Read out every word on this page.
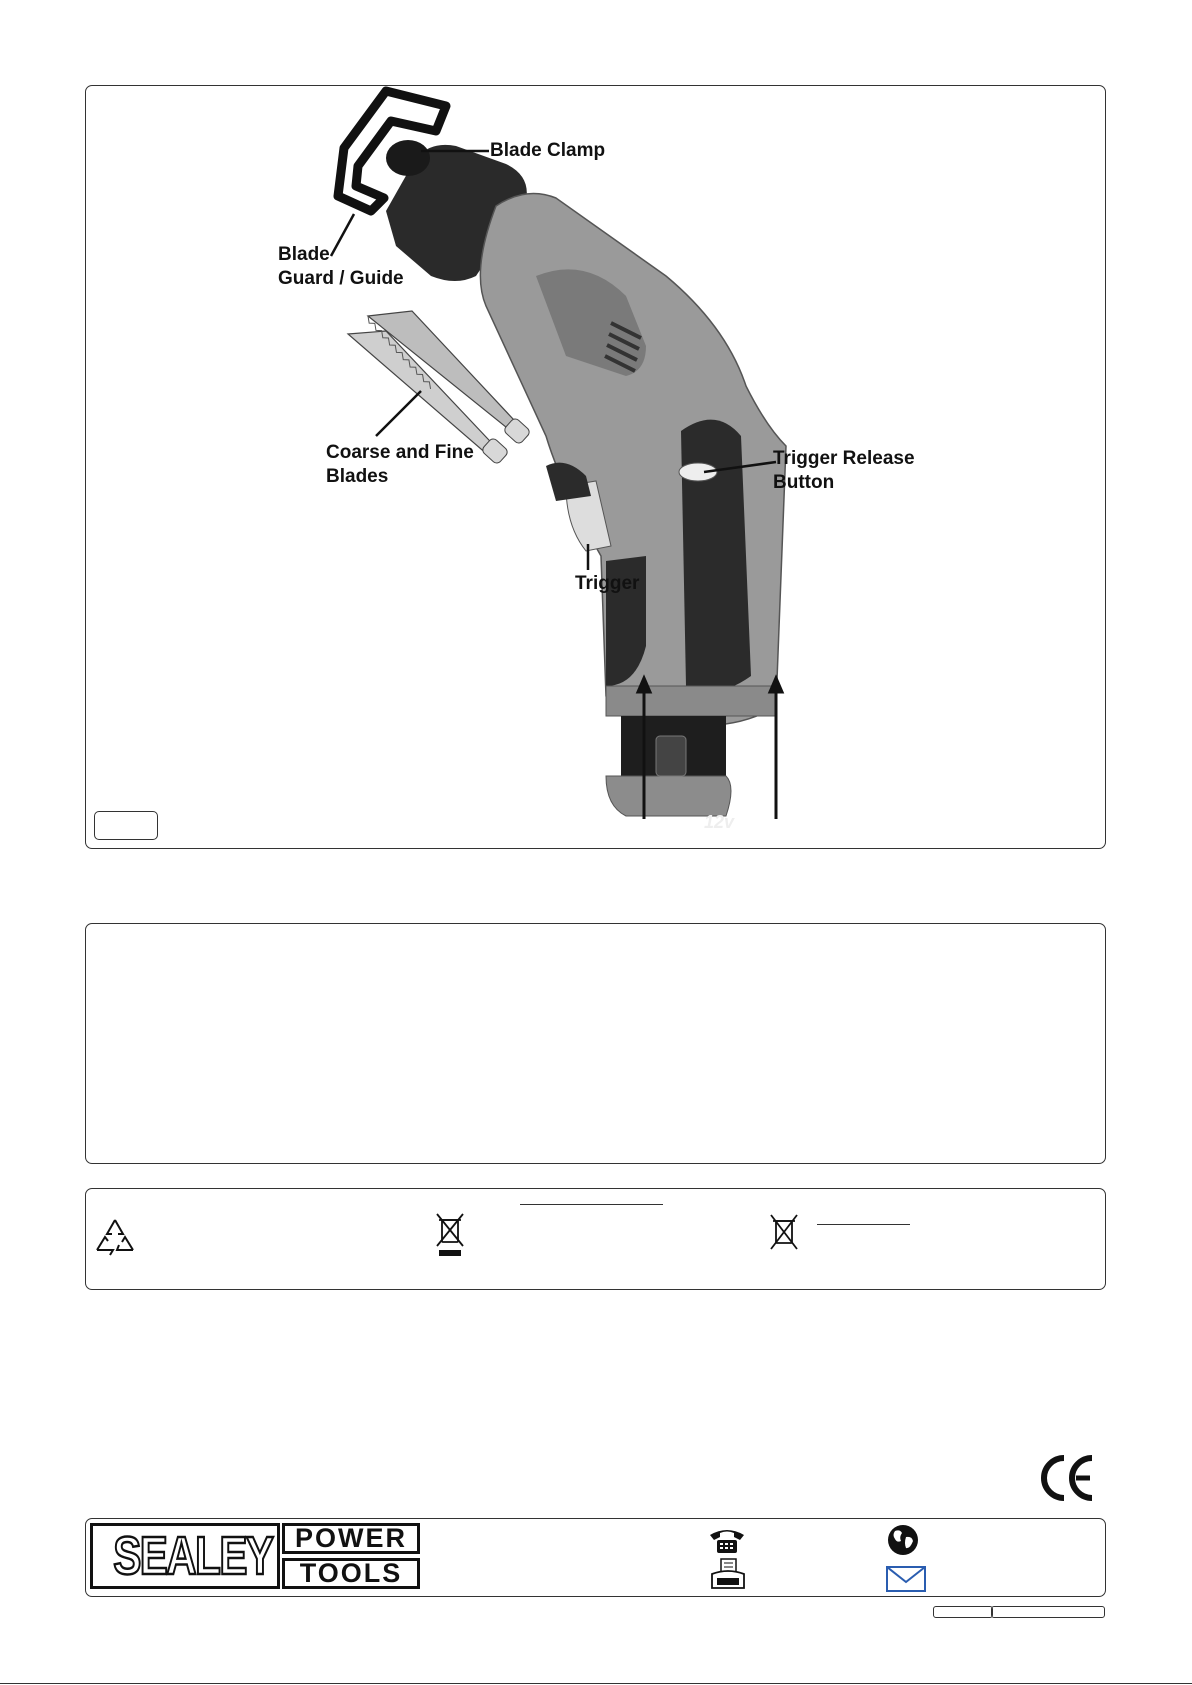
Blade Clamp
Blade
Guard / Guide
Coarse and Fine
Blades
Trigger Release
Button
Trigger
12v
SEALEY POWER
TOOLS
